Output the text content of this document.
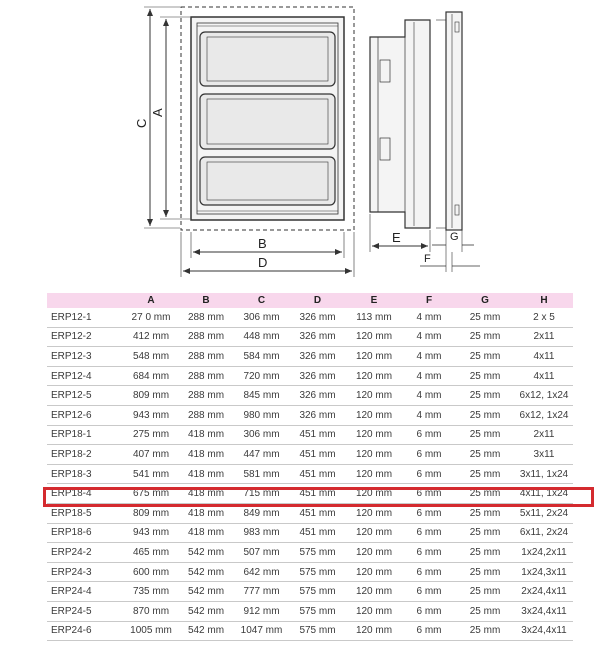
C
A
B
D
E	G
F
	A	B	C	D	E	F	G	H
ERP12-1	27 0 mm	288 mm	306 mm	326 mm	113 mm	4 mm	25 mm	2 x 5
ERP12-2	412 mm	288 mm	448 mm	326 mm	120 mm	4 mm	25 mm	2x11
ERP12-3	548 mm	288 mm	584 mm	326 mm	120 mm	4 mm	25 mm	4x11
ERP12-4	684 mm	288 mm	720 mm	326 mm	120 mm	4 mm	25 mm	4x11
ERP12-5	809 mm	288 mm	845 mm	326 mm	120 mm	4 mm	25 mm	6x12, 1x24
ERP12-6	943 mm	288 mm	980 mm	326 mm	120 mm	4 mm	25 mm	6x12, 1x24
ERP18-1	275 mm	418 mm	306 mm	451 mm	120 mm	6 mm	25 mm	2x11
ERP18-2	407 mm	418 mm	447 mm	451 mm	120 mm	6 mm	25 mm	3x11
ERP18-3	541 mm	418 mm	581 mm	451 mm	120 mm	6 mm	25 mm	3x11, 1x24
ERP18-4	675 mm	418 mm	715 mm	451 mm	120 mm	6 mm	25 mm	4x11, 1x24
ERP18-5	809 mm	418 mm	849 mm	451 mm	120 mm	6 mm	25 mm	5x11, 2x24
ERP18-6	943 mm	418 mm	983 mm	451 mm	120 mm	6 mm	25 mm	6x11, 2x24
ERP24-2	465 mm	542 mm	507 mm	575 mm	120 mm	6 mm	25 mm	1x24,2x11
ERP24-3	600 mm	542 mm	642 mm	575 mm	120 mm	6 mm	25 mm	1x24,3x11
ERP24-4	735 mm	542 mm	777 mm	575 mm	120 mm	6 mm	25 mm	2x24,4x11
ERP24-5	870 mm	542 mm	912 mm	575 mm	120 mm	6 mm	25 mm	3x24,4x11
ERP24-6	1005 mm	542 mm	1047 mm	575 mm	120 mm	6 mm	25 mm	3x24,4x11
